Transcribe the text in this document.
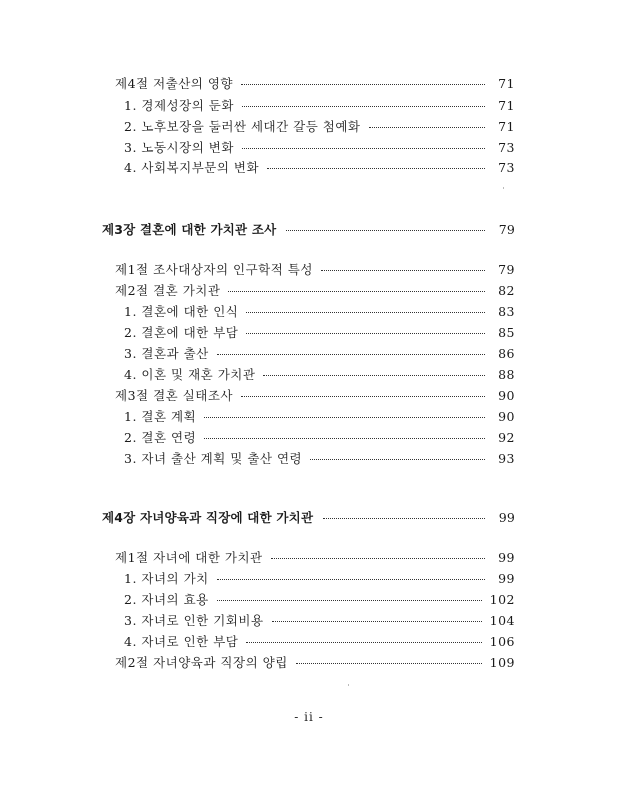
제4절 저출산의 영향	71
1. 경제성장의 둔화	71
2. 노후보장을 둘러싼 세대간 갈등 첨예화	71
3. 노동시장의 변화	73
4. 사회복지부문의 변화	73
제3장 결혼에 대한 가치관 조사	79
제1절 조사대상자의 인구학적 특성	79
제2절 결혼 가치관	82
1. 결혼에 대한 인식	83
2. 결혼에 대한 부담	85
3. 결혼과 출산	86
4. 이혼 및 재혼 가치관	88
제3절 결혼 실태조사	90
1. 결혼 계획	90
2. 결혼 연령	92
3. 자녀 출산 계획 및 출산 연령	93
제4장 자녀양육과 직장에 대한 가치관	99
제1절 자녀에 대한 가치관	99
1. 자녀의 가치	99
2. 자녀의 효용	102
3. 자녀로 인한 기회비용	104
4. 자녀로 인한 부담	106
제2절 자녀양육과 직장의 양립	109
- ii -
